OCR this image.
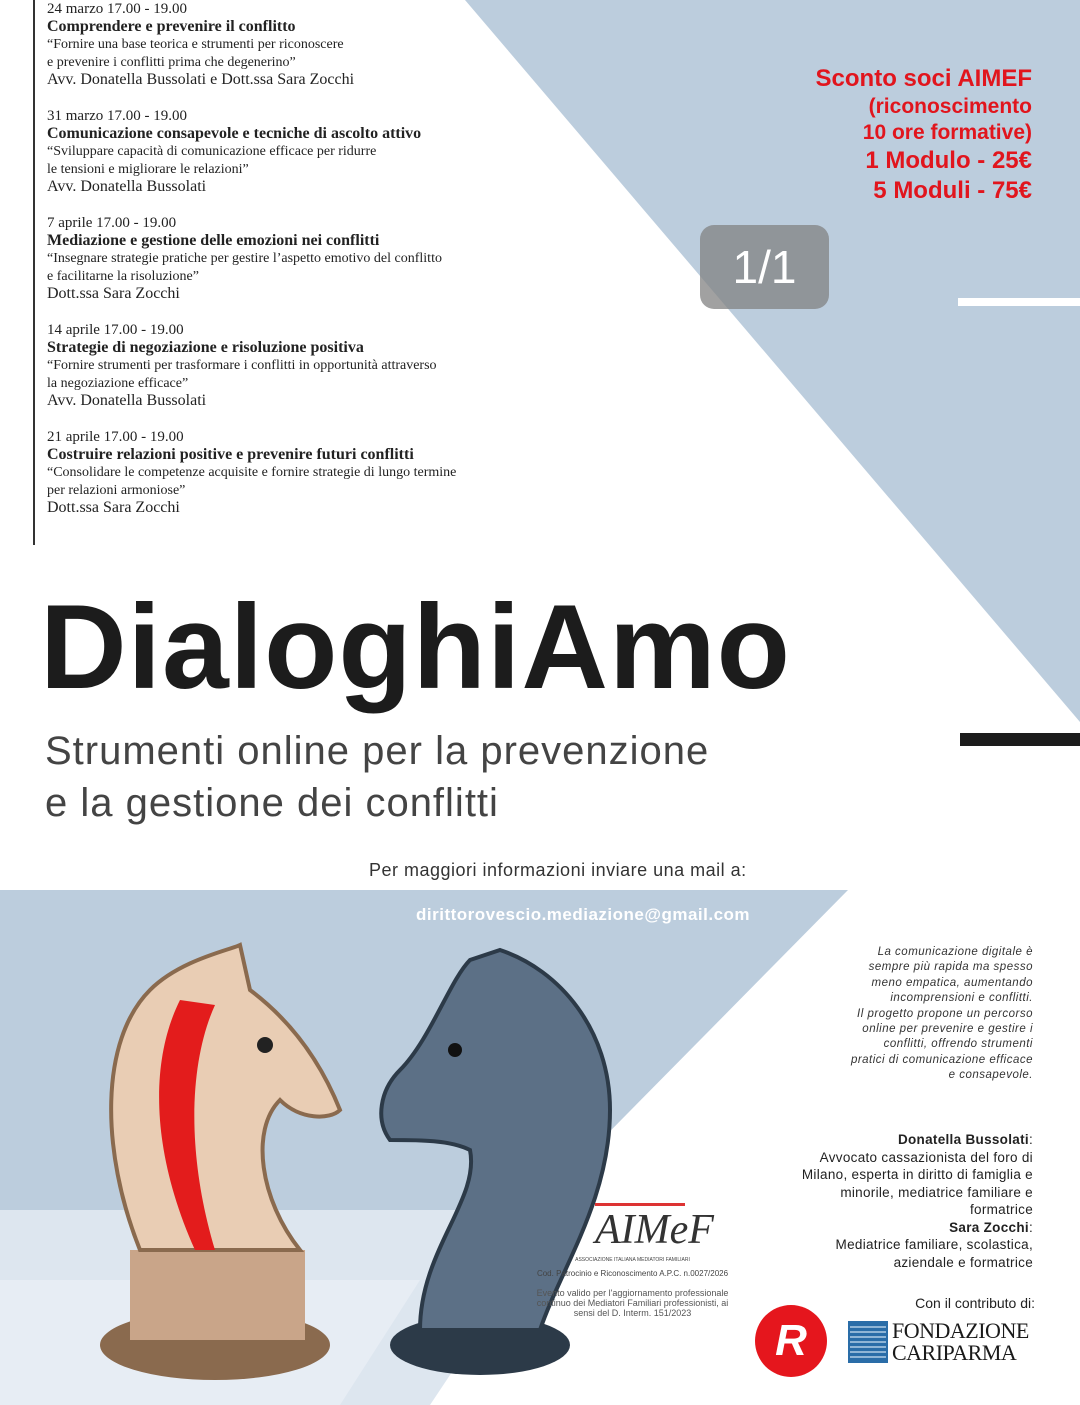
24 marzo 17.00 - 19.00
Comprendere e prevenire il conflitto
“Fornire una base teorica e strumenti per riconoscere
e prevenire i conflitti prima che degenerino”
Avv. Donatella Bussolati e Dott.ssa Sara Zocchi
31 marzo 17.00 - 19.00
Comunicazione consapevole e tecniche di ascolto attivo
“Sviluppare capacità di comunicazione efficace per ridurre
le tensioni e migliorare le relazioni”
Avv. Donatella Bussolati
7 aprile 17.00 - 19.00
Mediazione e gestione delle emozioni nei conflitti
“Insegnare strategie pratiche per gestire l’aspetto emotivo del conflitto
e facilitarne la risoluzione”
Dott.ssa Sara Zocchi
14 aprile 17.00 - 19.00
Strategie di negoziazione e risoluzione positiva
“Fornire strumenti per trasformare i conflitti in opportunità attraverso
la negoziazione efficace”
Avv. Donatella Bussolati
21 aprile 17.00 - 19.00
Costruire relazioni positive e prevenire futuri conflitti
“Consolidare le competenze acquisite e fornire strategie di lungo termine
per relazioni armoniose”
Dott.ssa Sara Zocchi
1/1
Sconto soci AIMEF
(riconoscimento
10 ore formative)
1 Modulo - 25€
5 Moduli - 75€
DialoghiAmo
Strumenti online per la prevenzione
e la gestione dei conflitti
Per maggiori informazioni inviare una mail a:
dirittorovescio.mediazione@gmail.com
La comunicazione digitale è
sempre più rapida ma spesso
meno empatica, aumentando
incomprensioni e conflitti.
Il progetto propone un percorso
online per prevenire e gestire i
conflitti, offrendo strumenti
pratici di comunicazione efficace
e consapevole.
Donatella Bussolati:
Avvocato cassazionista del foro di
Milano, esperta in diritto di famiglia e
minorile, mediatrice familiare e
formatrice
Sara Zocchi:
Mediatrice familiare, scolastica,
aziendale e formatrice
AIMeF
ASSOCIAZIONE ITALIANA MEDIATORI FAMILIARI
Cod. Patrocinio e Riconoscimento A.P.C. n.0027/2026
Evento valido per l'aggiornamento professionale continuo dei Mediatori Familiari professionisti, ai sensi del D. Interm. 151/2023
Con il contributo di:
R	FONDAZIONE
CARIPARMA
